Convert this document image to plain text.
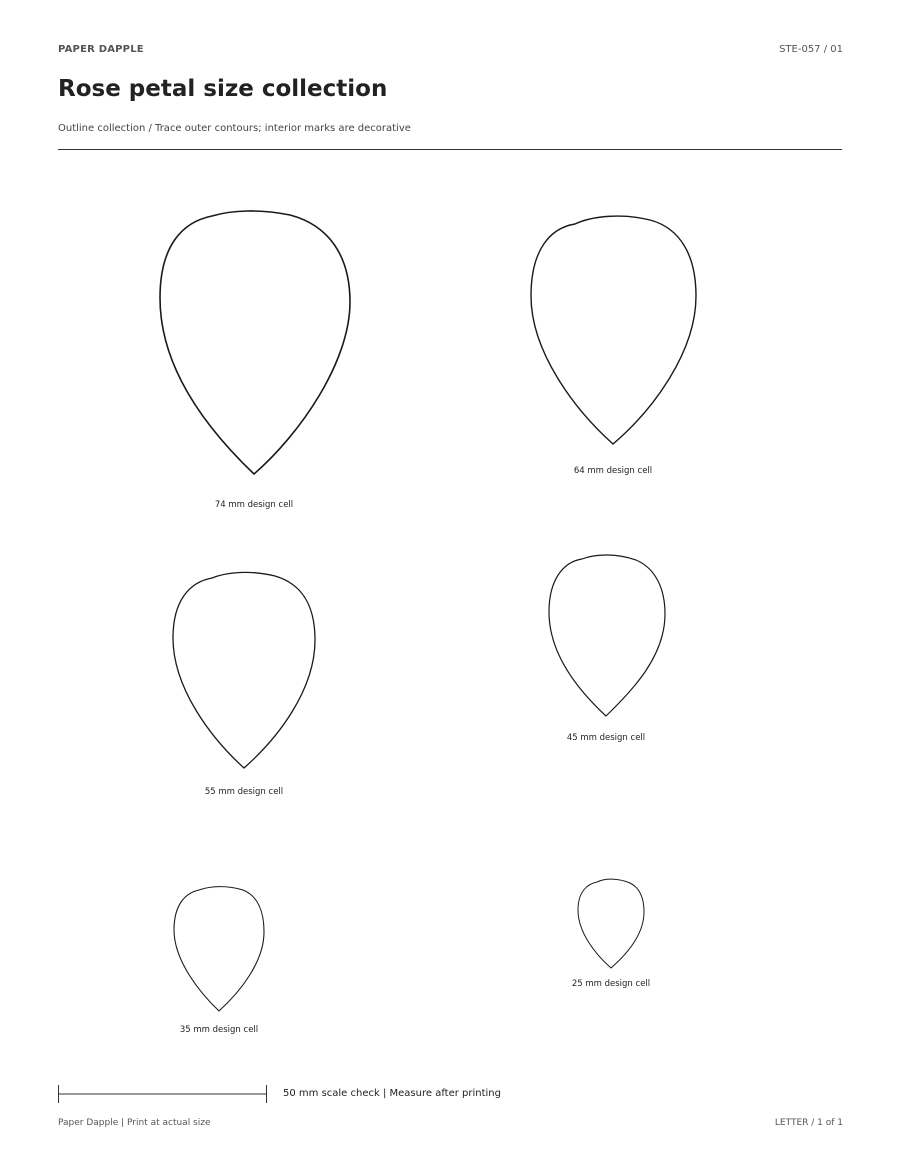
PAPER DAPPLE	STE-057 / 01
Rose petal size collection
Outline collection / Trace outer contours; interior marks are decorative
74 mm design cell
64 mm design cell
55 mm design cell
45 mm design cell
35 mm design cell
25 mm design cell
50 mm scale check | Measure after printing
Paper Dapple | Print at actual size	LETTER / 1 of 1
